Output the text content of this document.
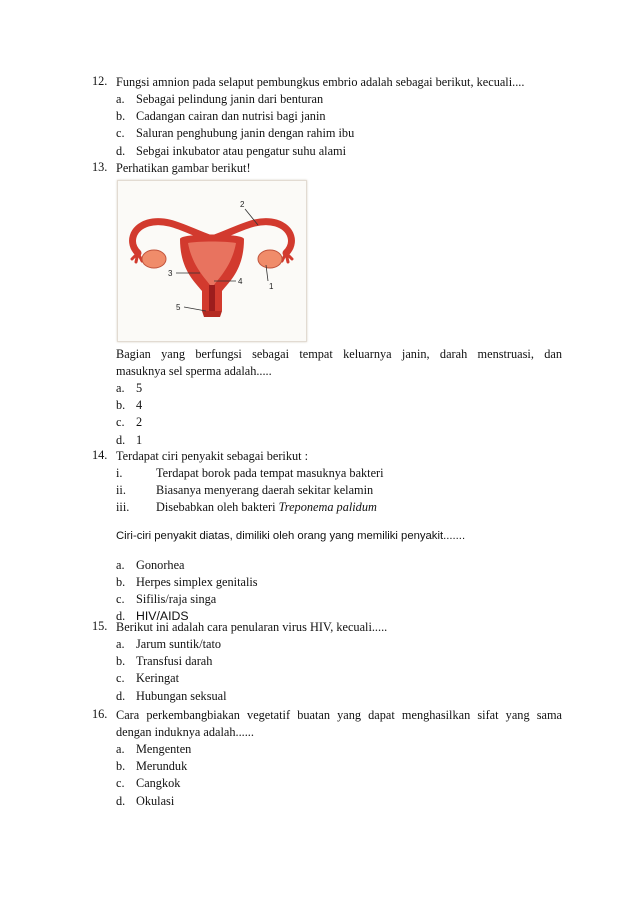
12. Fungsi amnion pada selaput pembungkus embrio adalah sebagai berikut, kecuali....
a. Sebagai pelindung janin dari benturan
b. Cadangan cairan dan nutrisi bagi janin
c. Saluran penghubung janin dengan rahim ibu
d. Sebgai inkubator atau pengatur suhu alami
13. Perhatikan gambar berikut!
2
1
3
4
5
Bagian yang berfungsi sebagai tempat keluarnya janin, darah menstruasi, dan
masuknya sel sperma adalah.....
a. 5
b. 4
c. 2
d. 1
14. Terdapat ciri penyakit sebagai berikut :
i.	Terdapat borok pada tempat masuknya bakteri
ii. Biasanya menyerang daerah sekitar kelamin
iii. Disebabkan oleh bakteri Treponema palidum
Ciri-ciri penyakit diatas, dimiliki oleh orang yang memiliki penyakit.......
a. Gonorhea
b. Herpes simplex genitalis
c. Sifilis/raja singa
d. HIV/AIDS
15. Berikut ini adalah cara penularan virus HIV, kecuali.....
a. Jarum suntik/tato
b. Transfusi darah
c. Keringat
d. Hubungan seksual
16. Cara perkembangbiakan vegetatif buatan yang dapat menghasilkan sifat yang sama
dengan induknya adalah......
a. Mengenten
b. Merunduk
c. Cangkok
d. Okulasi
